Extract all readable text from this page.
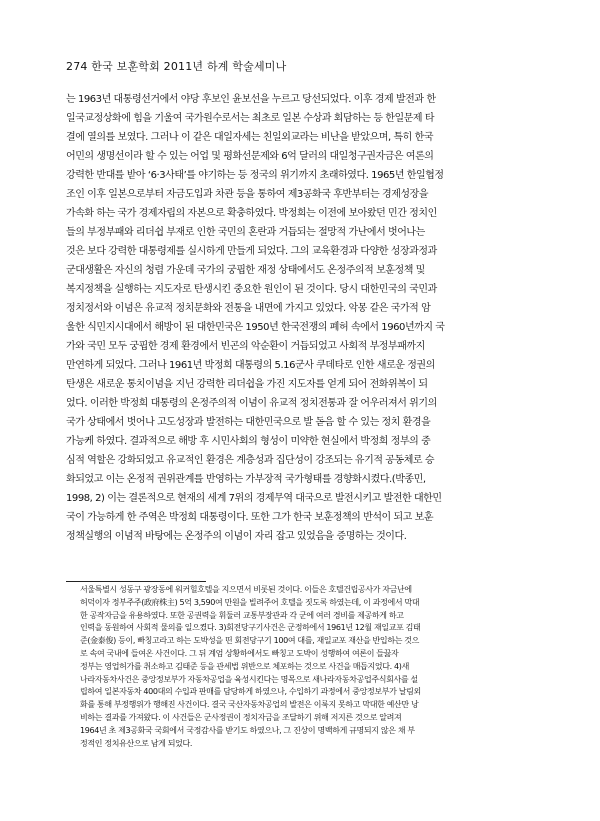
274 한국 보훈학회 2011년 하계 학술세미나
는 1963년 대통령선거에서 야당 후보인 윤보선을 누르고 당선되었다. 이후 경제 발전과 한
일국교정상화에 힘을 기울여 국가원수로서는 최초로 일본 수상과 회담하는 등 한일문제 타
결에 열의를 보였다. 그러나 이 같은 대일자세는 친일외교라는 비난을 받았으며, 특히 한국
어민의 생명선이라 할 수 있는 어업 및 평화선문제와 6억 달러의 대일청구권자금은 여론의
강력한 반대를 받아 ‘6·3사태’를 야기하는 등 정국의 위기까지 초래하였다. 1965년 한일협정
조인 이후 일본으로부터 자금도입과 차관 등을 통하여 제3공화국 후반부터는 경제성장을
가속화 하는 국가 경제자립의 자본으로 확충하였다. 박정희는 이전에 보아왔던 민간 정치인
들의 부정부패와 리더쉽 부재로 인한 국민의 혼란과 거듭되는 절망적 가난에서 벗어나는
것은 보다 강력한 대통령제를 실시하게 만들게 되었다. 그의 교육환경과 다양한 성장과정과
군대생활은 자신의 청렴 가운데 국가의 궁핍한 재정 상태에서도 온정주의적 보훈정책 및
복지정책을 실행하는 지도자로 탄생시킨 중요한 원인이 된 것이다. 당시 대한민국의 국민과
정치정서와 이념은 유교적 정치문화와 전통을 내면에 가지고 있었다. 악몽 같은 국가적 암
울한 식민지시대에서 해방이 된 대한민국은 1950년 한국전쟁의 폐허 속에서 1960년까지 국
가와 국민 모두 궁핍한 경제 환경에서 빈곤의 악순환이 거듭되었고 사회적 부정부패까지
만연하게 되었다. 그러나 1961년 박정희 대통령의 5.16군사 쿠데타로 인한 새로운 정권의
탄생은 새로운 통치이념을 지닌 강력한 리더쉽을 가진 지도자를 얻게 되어 전화위복이 되
었다. 이러한 박정희 대통령의 온정주의적 이념이 유교적 정치전통과 잘 어우러져서 위기의
국가 상태에서 벗어나 고도성장과 발전하는 대한민국으로 발 돋음 할 수 있는 정치 환경을
가능케 하였다. 결과적으로 해방 후 시민사회의 형성이 미약한 현실에서 박정희 정부의 중
심적 역할은 강화되었고 유교적인 환경은 계층성과 집단성이 강조되는 유기적 공동체로 승
화되었고 이는 온정적 권위관계를 반영하는 가부장적 국가형태를 경향화시켰다.(박종민,
1998, 2) 이는 결론적으로 현재의 세계 7위의 경제무역 대국으로 발전시키고 발전한 대한민
국이 가능하게 한 주역은 박정희 대통령이다. 또한 그가 한국 보훈정책의 반석이 되고 보훈
정책실행의 이념적 바탕에는 온정주의 이념이 자리 잡고 있었음을 증명하는 것이다.
서울특별시 성동구 광장동에 워커힐호텔을 지으면서 비롯된 것이다. 이들은 호텔건립공사가 자금난에
허덕이자 정부주주(政府株主) 5억 3,590여 만원을 빌려주어 호텔을 짓도록 하였는데, 이 과정에서 막대
한 공작자금을 유용하였다. 또한 공권력을 휘둘러 교통부장관과 각 군에 여러 경비를 제공하게 하고
인력을 동원하여 사회적 물의를 일으켰다. 3)회전당구기사건은 군정하에서 1961년 12월 재일교포 김태
준(金泰俊) 등이, 빠칭고라고 하는 도박성을 띤 회전당구기 100여 대를, 재일교포 재산을 반입하는 것으
로 속여 국내에 들여온 사건이다. 그 뒤 계엄 상황하에서도 빠칭고 도박이 성행하여 여론이 들끓자
정부는 영업허가를 취소하고 김태준 등을 관세법 위반으로 체포하는 것으로 사건을 매듭지었다. 4)새
나라자동차사건은 중앙정보부가 자동차공업을 육성시킨다는 명목으로 새나라자동차공업주식회사를 설
립하여 일본자동차 400대의 수입과 판매를 담당하게 하였으나, 수입하기 과정에서 중앙정보부가 날림외
화를 통해 부정행위가 행해진 사건이다. 결국 국산자동차공업의 발전은 이룩지 못하고 막대한 예산만 낭
비하는 결과를 가져왔다. 이 사건들은 군사정권이 정치자금을 조달하기 위해 저지른 것으로 알려져
1964년 초 제3공화국 국회에서 국정감사를 받기도 하였으나, 그 진상이 명백하게 규명되지 않은 채 부
정적인 정치유산으로 남게 되었다.
